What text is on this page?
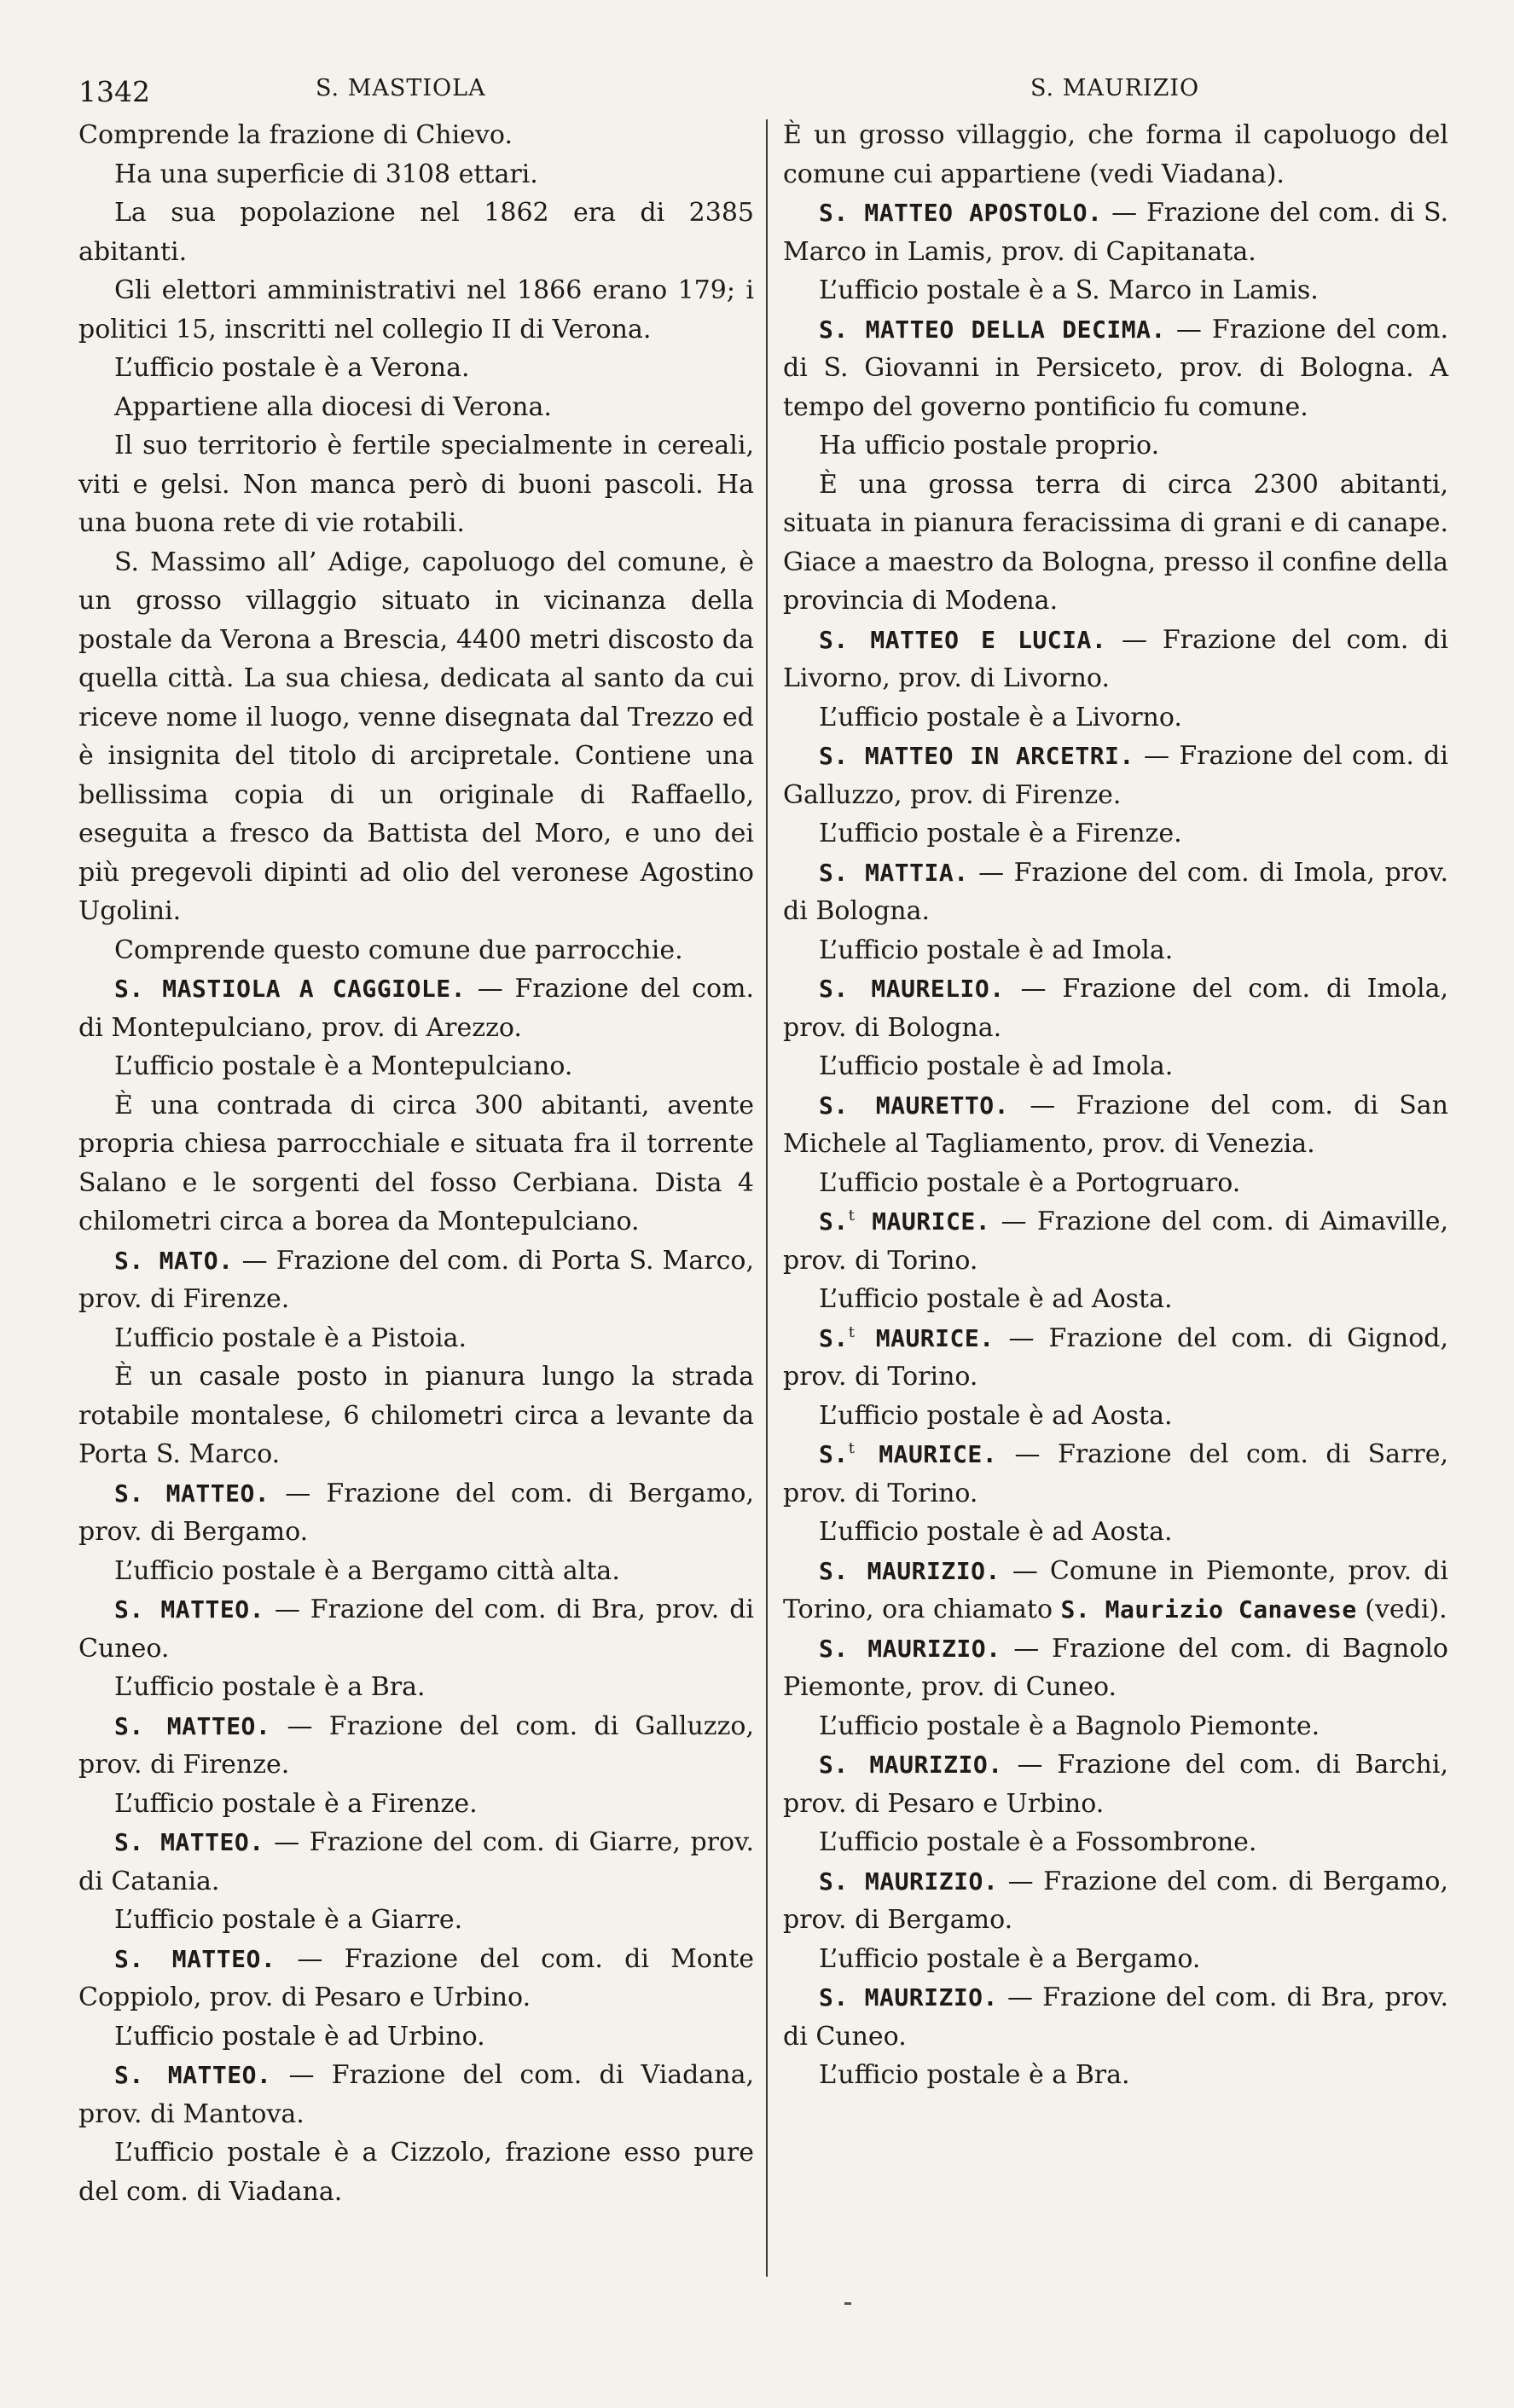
1342	S. MASTIOLA	S. MAURIZIO

Comprende la frazione di Chievo.

Ha una superficie di 3108 ettari.

La sua popolazione nel 1862 era di 2385 abitanti.

Gli elettori amministrativi nel 1866 erano 179; i politici 15, inscritti nel collegio II di Verona.

L’ufficio postale è a Verona.

Appartiene alla diocesi di Verona.

Il suo territorio è fertile specialmente in cereali, viti e gelsi. Non manca però di buoni pascoli. Ha una buona rete di vie rotabili.

S. Massimo all’ Adige, capoluogo del comune, è un grosso villaggio situato in vicinanza della postale da Verona a Brescia, 4400 metri discosto da quella città. La sua chiesa, dedicata al santo da cui riceve nome il luogo, venne disegnata dal Trezzo ed è insignita del titolo di arcipretale. Contiene una bellissima copia di un originale di Raffaello, eseguita a fresco da Battista del Moro, e uno dei più pregevoli dipinti ad olio del veronese Agostino Ugolini.

Comprende questo comune due parrocchie.

S. MASTIOLA A CAGGIOLE. — Frazione del com. di Montepulciano, prov. di Arezzo.

L’ufficio postale è a Montepulciano.

È una contrada di circa 300 abitanti, avente propria chiesa parrocchiale e situata fra il torrente Salano e le sorgenti del fosso Cerbiana. Dista 4 chilometri circa a borea da Montepulciano.

S. MATO. — Frazione del com. di Porta S. Marco, prov. di Firenze.

L’ufficio postale è a Pistoia.

È un casale posto in pianura lungo la strada rotabile montalese, 6 chilometri circa a levante da Porta S. Marco.

S. MATTEO. — Frazione del com. di Bergamo, prov. di Bergamo.

L’ufficio postale è a Bergamo città alta.

S. MATTEO. — Frazione del com. di Bra, prov. di Cuneo.

L’ufficio postale è a Bra.

S. MATTEO. — Frazione del com. di Galluzzo, prov. di Firenze.

L’ufficio postale è a Firenze.

S. MATTEO. — Frazione del com. di Giarre, prov. di Catania.

L’ufficio postale è a Giarre.

S. MATTEO. — Frazione del com. di Monte Coppiolo, prov. di Pesaro e Urbino.

L’ufficio postale è ad Urbino.

S. MATTEO. — Frazione del com. di Viadana, prov. di Mantova.

L’ufficio postale è a Cizzolo, frazione esso pure del com. di Viadana.

È un grosso villaggio, che forma il capoluogo del comune cui appartiene (vedi Viadana).

S. MATTEO APOSTOLO. — Frazione del com. di S. Marco in Lamis, prov. di Capitanata.

L’ufficio postale è a S. Marco in Lamis.

S. MATTEO DELLA DECIMA. — Frazione del com. di S. Giovanni in Persiceto, prov. di Bologna. A tempo del governo pontificio fu comune.

Ha ufficio postale proprio.

È una grossa terra di circa 2300 abitanti, situata in pianura feracissima di grani e di canape. Giace a maestro da Bologna, presso il confine della provincia di Modena.

S. MATTEO E LUCIA. — Frazione del com. di Livorno, prov. di Livorno.

L’ufficio postale è a Livorno.

S. MATTEO IN ARCETRI. — Frazione del com. di Galluzzo, prov. di Firenze.

L’ufficio postale è a Firenze.

S. MATTIA. — Frazione del com. di Imola, prov. di Bologna.

L’ufficio postale è ad Imola.

S. MAURELIO. — Frazione del com. di Imola, prov. di Bologna.

L’ufficio postale è ad Imola.

S. MAURETTO. — Frazione del com. di San Michele al Tagliamento, prov. di Venezia.

L’ufficio postale è a Portogruaro.

S.$^t$ MAURICE. — Frazione del com. di Aimaville, prov. di Torino.

L’ufficio postale è ad Aosta.

S.$^t$ MAURICE. — Frazione del com. di Gignod, prov. di Torino.

L’ufficio postale è ad Aosta.

S.$^t$ MAURICE. — Frazione del com. di Sarre, prov. di Torino.

L’ufficio postale è ad Aosta.

S. MAURIZIO. — Comune in Piemonte, prov. di Torino, ora chiamato S. Maurizio Canavese (vedi).

S. MAURIZIO. — Frazione del com. di Bagnolo Piemonte, prov. di Cuneo.

L’ufficio postale è a Bagnolo Piemonte.

S. MAURIZIO. — Frazione del com. di Barchi, prov. di Pesaro e Urbino.

L’ufficio postale è a Fossombrone.

S. MAURIZIO. — Frazione del com. di Bergamo, prov. di Bergamo.

L’ufficio postale è a Bergamo.

S. MAURIZIO. — Frazione del com. di Bra, prov. di Cuneo.

L’ufficio postale è a Bra.
